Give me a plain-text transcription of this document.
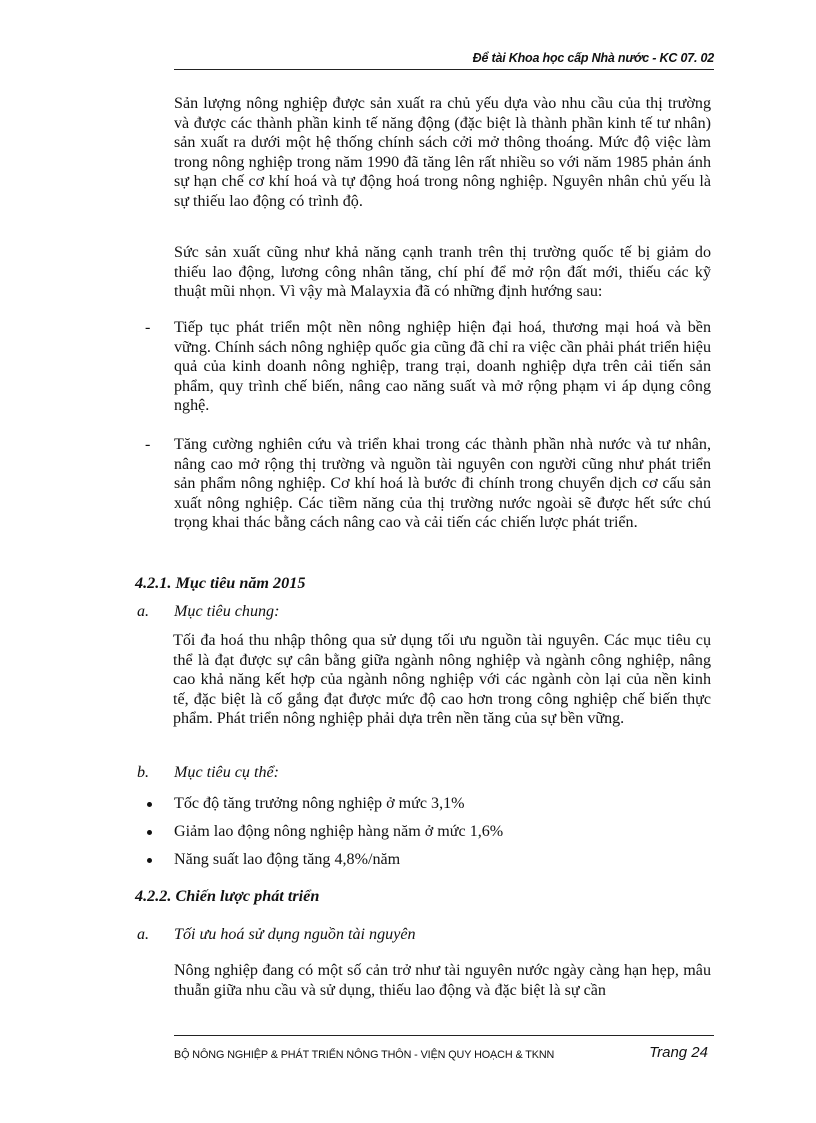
Để tài Khoa học cấp Nhà nước - KC 07. 02

Sản lượng nông nghiệp được sản xuất ra chủ yếu dựa vào nhu cầu của thị trường và được các thành phần kinh tế năng động (đặc biệt là thành phần kinh tế tư nhân) sản xuất ra dưới một hệ thống chính sách cởi mở thông thoáng. Mức độ việc làm trong nông nghiệp trong năm 1990 đã tăng lên rất nhiều so với năm 1985 phản ánh sự hạn chế cơ khí hoá và tự động hoá trong nông nghiệp. Nguyên nhân chủ yếu là sự thiếu lao động có trình độ.

Sức sản xuất cũng như khả năng cạnh tranh trên thị trường quốc tế bị giảm do thiếu lao động, lương công nhân tăng, chí phí để mở rộn đất mới, thiếu các kỹ thuật mũi nhọn. Vì vậy mà Malayxia đã có những định hướng sau:

- Tiếp tục phát triển một nền nông nghiệp hiện đại hoá, thương mại hoá và bền vững. Chính sách nông nghiệp quốc gia cũng đã chỉ ra việc cần phải phát triển hiệu quả của kinh doanh nông nghiệp, trang trại, doanh nghiệp dựa trên cải tiến sản phẩm, quy trình chế biến, nâng cao năng suất và mở rộng phạm vi áp dụng công nghệ.

- Tăng cường nghiên cứu và triển khai trong các thành phần nhà nước và tư nhân, nâng cao mở rộng thị trường và nguồn tài nguyên con người cũng như phát triển sản phẩm nông nghiệp. Cơ khí hoá là bước đi chính trong chuyển dịch cơ cấu sản xuất nông nghiệp. Các tiềm năng của thị trường nước ngoài sẽ được hết sức chú trọng khai thác bằng cách nâng cao và cải tiến các chiến lược phát triển.

4.2.1. Mục tiêu năm 2015
a. Mục tiêu chung:

Tối đa hoá thu nhập thông qua sử dụng tối ưu nguồn tài nguyên. Các mục tiêu cụ thể là đạt được sự cân bằng giữa ngành nông nghiệp và ngành công nghiệp, nâng cao khả năng kết hợp của ngành nông nghiệp với các ngành còn lại của nền kinh tế, đặc biệt là cố gắng đạt được mức độ cao hơn trong công nghiệp chế biến thực phẩm. Phát triển nông nghiệp phải dựa trên nền tăng của sự bền vững.

b. Mục tiêu cụ thể:
Tốc độ tăng trưởng nông nghiệp ở mức 3,1%
Giảm lao động nông nghiệp hàng năm ở mức 1,6%
Năng suất lao động tăng 4,8%/năm
4.2.2. Chiến lược phát triển
a. Tối ưu hoá sử dụng nguồn tài nguyên

Nông nghiệp đang có một số cản trở như tài nguyên nước ngày càng hạn hẹp, mâu thuẫn giữa nhu cầu và sử dụng, thiếu lao động và đặc biệt là sự cần

BỘ NÔNG NGHIỆP & PHÁT TRIỂN NÔNG THÔN - VIỆN QUY HOẠCH & TKNN	Trang 24
